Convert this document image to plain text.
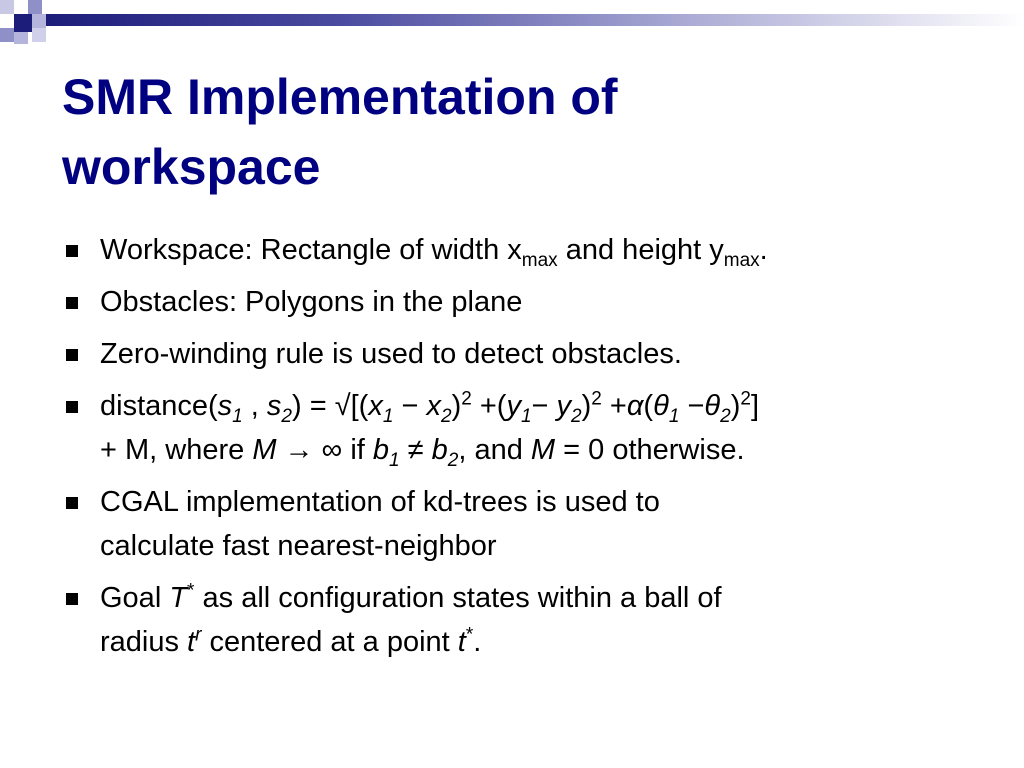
SMR Implementation of
workspace
Workspace: Rectangle of width $x_{max}$ and height $y_{max}$.
Obstacles: Polygons in the plane
Zero-winding rule is used to detect obstacles.
$distance(s_1$ , $s_2) = √[(x_1 - x_2)^2 +(y_1- y_2)^2 +\alpha(\theta_1 -\theta_2)^2]$
+ M, where M → ∞ if $b_1 \ne b_2$, and M = 0 otherwise.
CGAL implementation of kd-trees is used to
calculate fast nearest-neighbor
Goal T* as all configuration states within a ball of
radius $t^r$ centered at a point t*.
